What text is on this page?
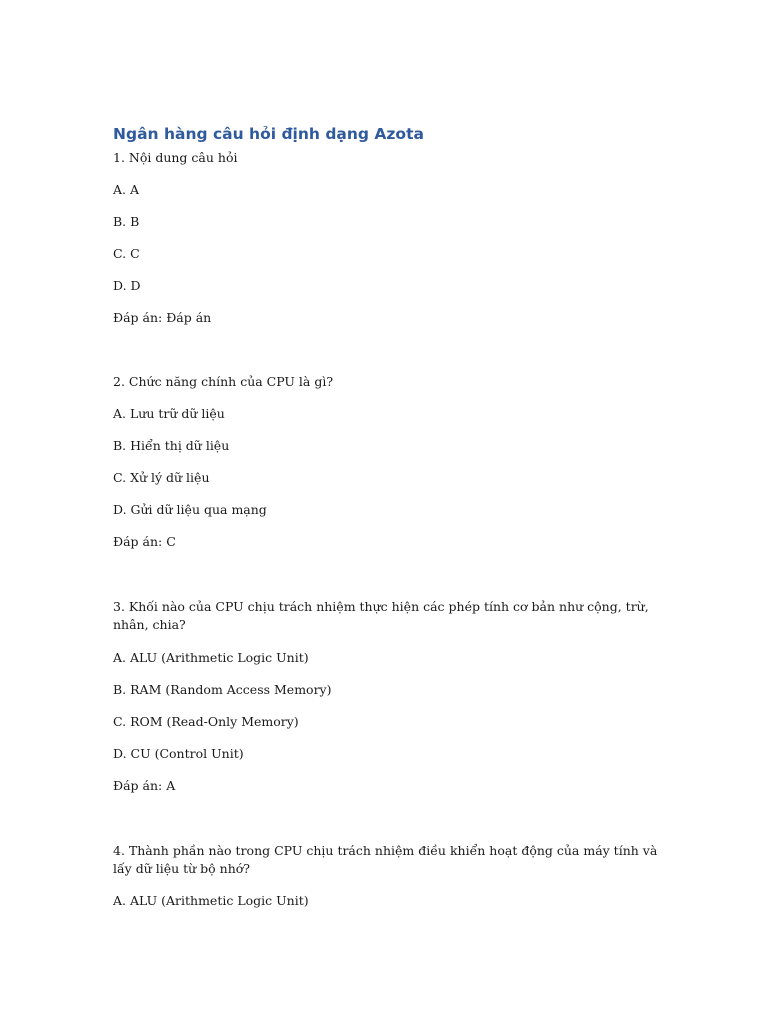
Ngân hàng câu hỏi định dạng Azota
1. Nội dung câu hỏi
A. A
B. B
C. C
D. D
Đáp án: Đáp án
2. Chức năng chính của CPU là gì?
A. Lưu trữ dữ liệu
B. Hiển thị dữ liệu
C. Xử lý dữ liệu
D. Gửi dữ liệu qua mạng
Đáp án: C
3. Khối nào của CPU chịu trách nhiệm thực hiện các phép tính cơ bản như cộng, trừ, nhân, chia?
A. ALU (Arithmetic Logic Unit)
B. RAM (Random Access Memory)
C. ROM (Read-Only Memory)
D. CU (Control Unit)
Đáp án: A
4. Thành phần nào trong CPU chịu trách nhiệm điều khiển hoạt động của máy tính và lấy dữ liệu từ bộ nhớ?
A. ALU (Arithmetic Logic Unit)
